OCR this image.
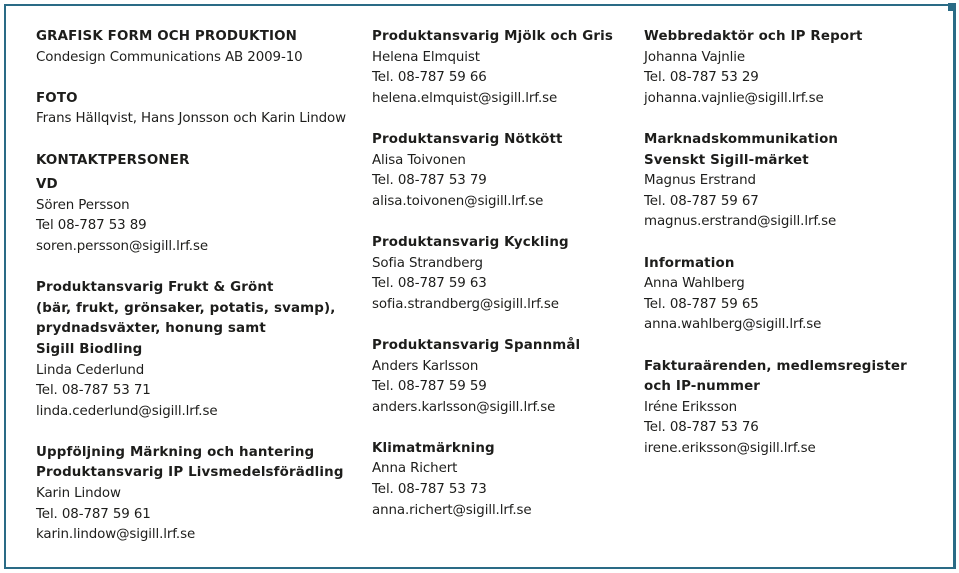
GRAFISK FORM OCH PRODUKTION
Condesign Communications AB 2009-10
FOTO
Frans Hällqvist, Hans Jonsson och Karin Lindow
KONTAKTPERSONER
VD
Sören Persson
Tel 08-787 53 89
soren.persson@sigill.lrf.se
Produktansvarig Frukt & Grönt
(bär, frukt, grönsaker, potatis, svamp),
prydnadsväxter, honung samt
Sigill Biodling
Linda Cederlund
Tel. 08-787 53 71
linda.cederlund@sigill.lrf.se
Uppföljning Märkning och hantering
Produktansvarig IP Livsmedelsförädling
Karin Lindow
Tel. 08-787 59 61
karin.lindow@sigill.lrf.se
Produktansvarig Mjölk och Gris
Helena Elmquist
Tel. 08-787 59 66
helena.elmquist@sigill.lrf.se
Produktansvarig Nötkött
Alisa Toivonen
Tel. 08-787 53 79
alisa.toivonen@sigill.lrf.se
Produktansvarig Kyckling
Sofia Strandberg
Tel. 08-787 59 63
sofia.strandberg@sigill.lrf.se
Produktansvarig Spannmål
Anders Karlsson
Tel. 08-787 59 59
anders.karlsson@sigill.lrf.se
Klimatmärkning
Anna Richert
Tel. 08-787 53 73
anna.richert@sigill.lrf.se
Webbredaktör och IP Report
Johanna Vajnlie
Tel. 08-787 53 29
johanna.vajnlie@sigill.lrf.se
Marknadskommunikation
Svenskt Sigill-märket
Magnus Erstrand
Tel. 08-787 59 67
magnus.erstrand@sigill.lrf.se
Information
Anna Wahlberg
Tel. 08-787 59 65
anna.wahlberg@sigill.lrf.se
Fakturaärenden, medlemsregister
och IP-nummer
Iréne Eriksson
Tel. 08-787 53 76
irene.eriksson@sigill.lrf.se
